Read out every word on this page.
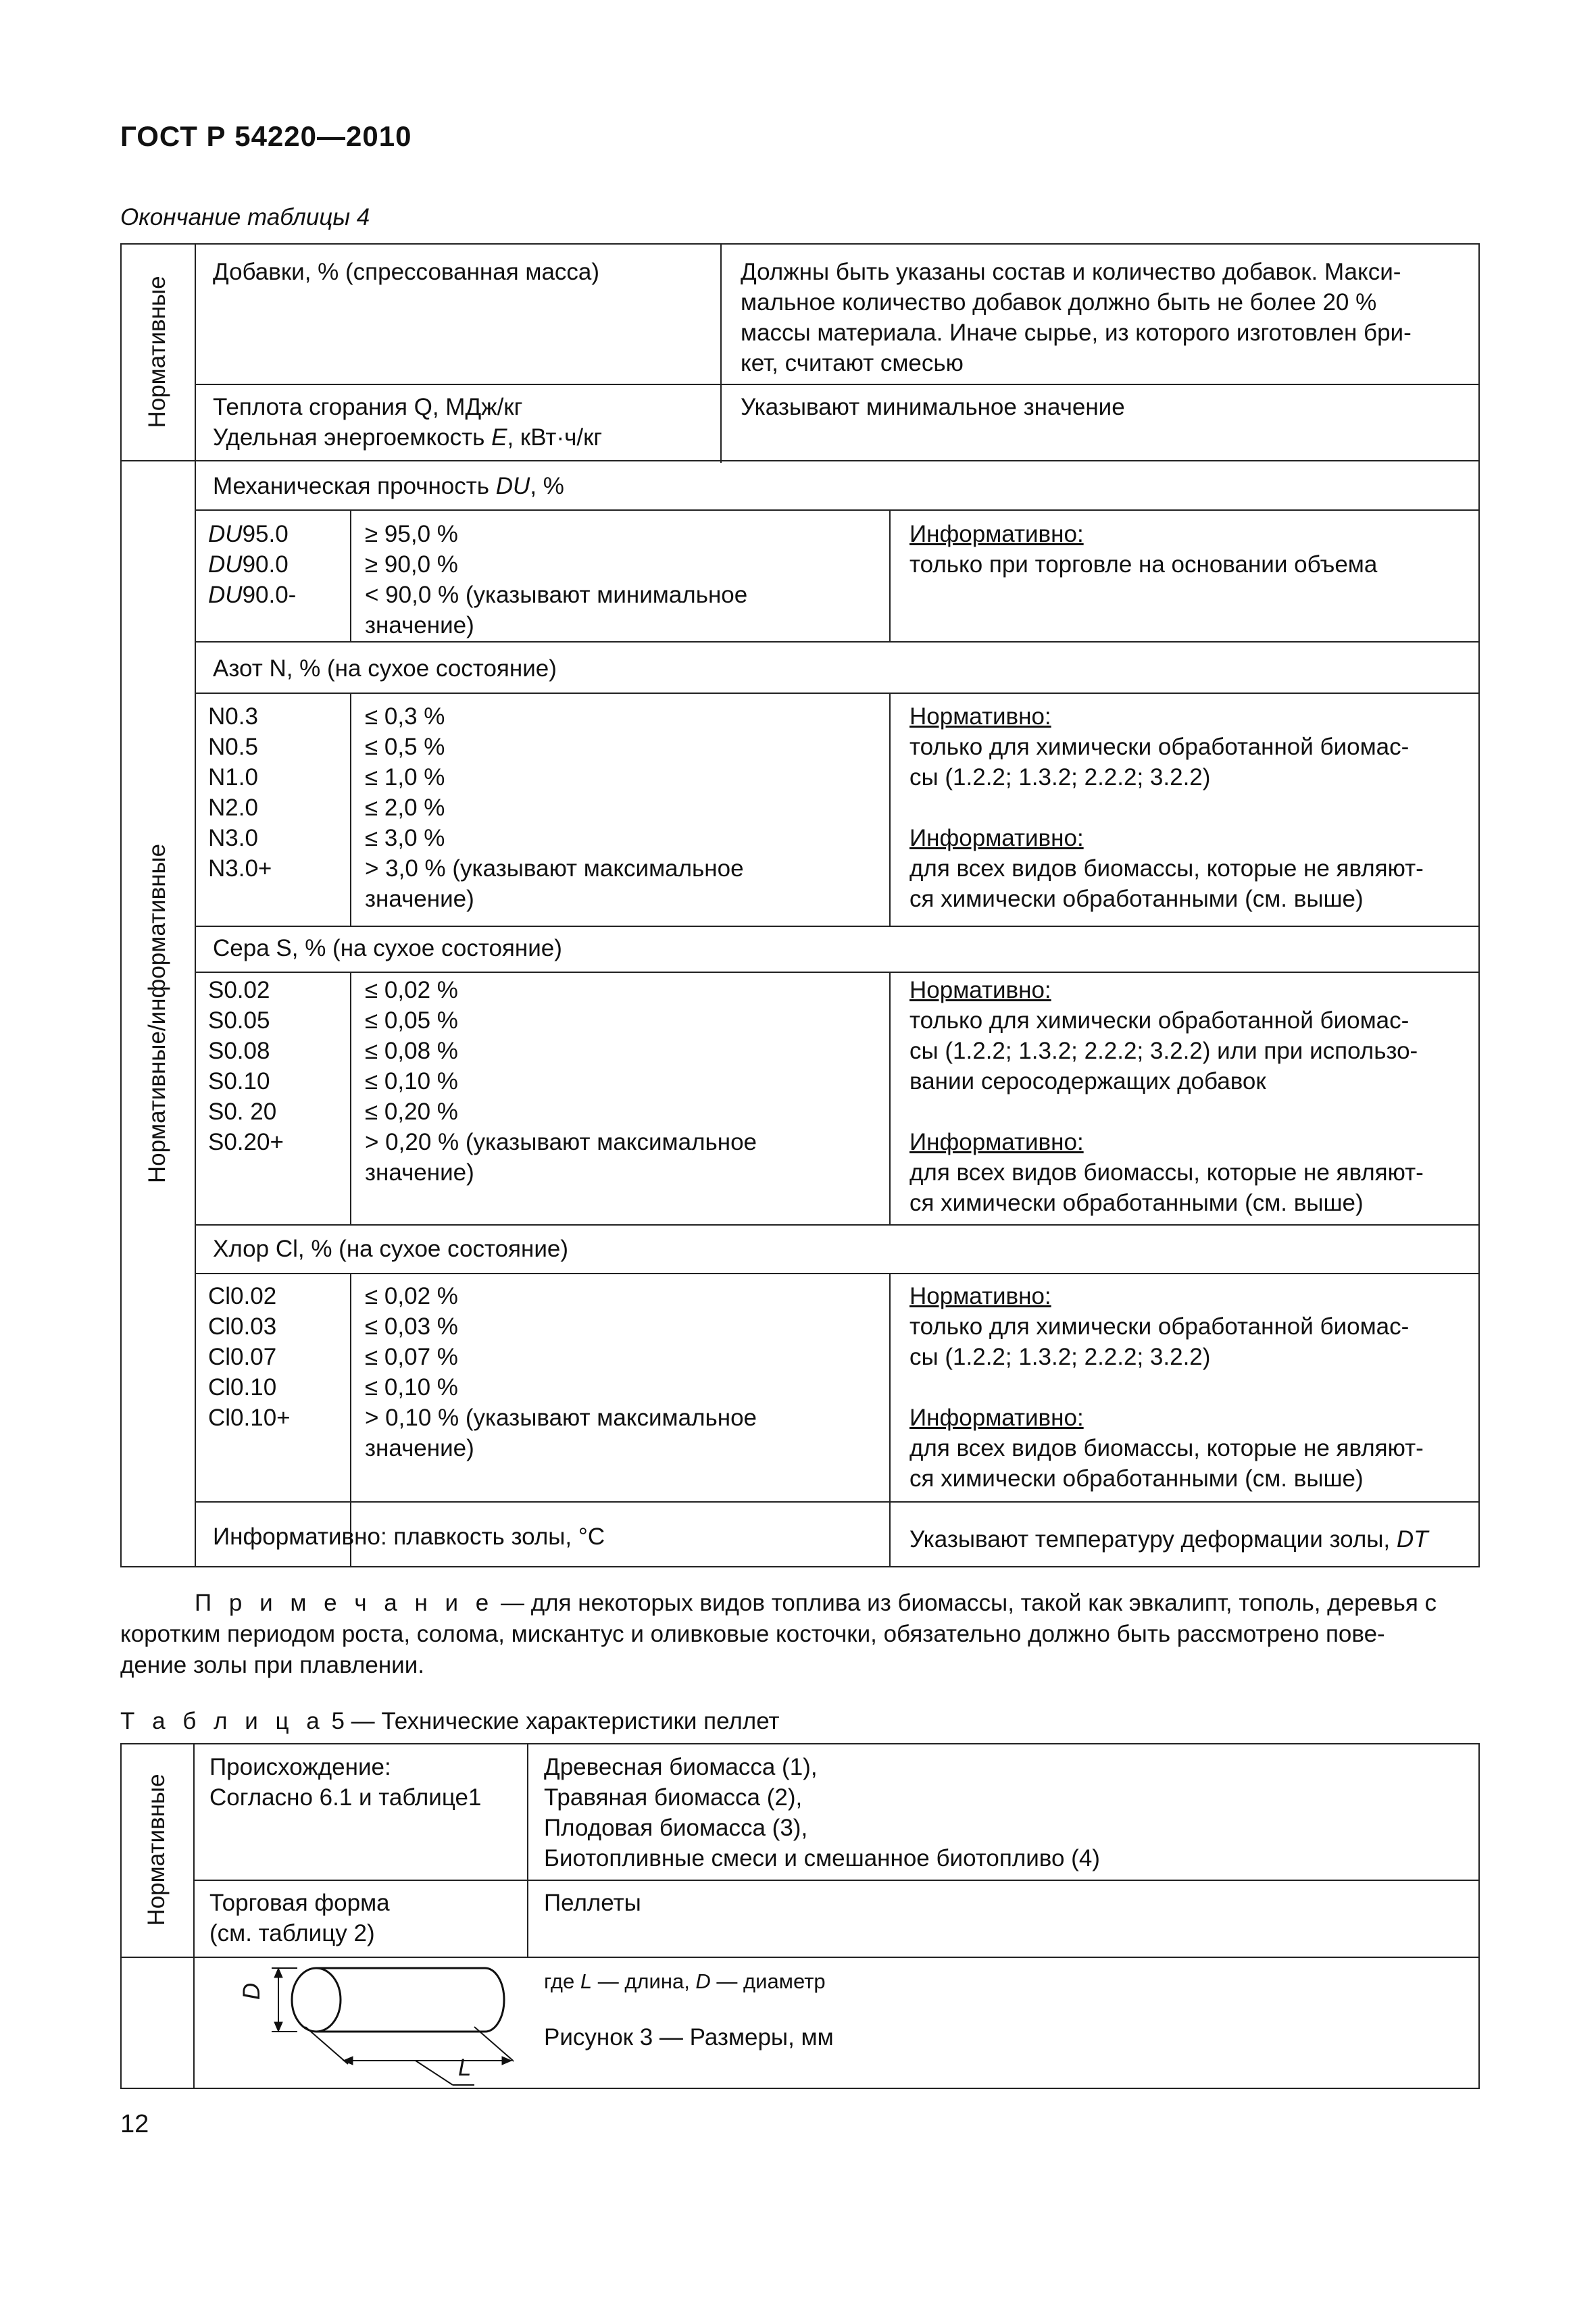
ГОСТ Р 54220—2010
Окончание таблицы 4
Нормативные
Нормативные/информативные
Добавки, % (спрессованная масса)	Должны быть указаны состав и количество добавок. Макси-
мальное количество добавок должно быть не более 20 %
массы материала. Иначе сырье, из которого изготовлен бри-
кет, считают смесью
Теплота сгорания Q, МДж/кг
Удельная энергоемкость E, кВт·ч/кг
Указывают минимальное значение
Механическая прочность DU, %
DU95.0
DU90.0
DU90.0-
≥ 95,0 %
≥ 90,0 %
< 90,0 % (указывают минимальное
значение)
Информативно:
только при торговле на основании объема
Азот N, % (на сухое состояние)
N0.3
N0.5
N1.0
N2.0
N3.0
N3.0+
≤ 0,3 %
≤ 0,5 %
≤ 1,0 %
≤ 2,0 %
≤ 3,0 %
> 3,0 % (указывают максимальное
значение)
Нормативно:
только для химически обработанной биомас-
сы (1.2.2; 1.3.2; 2.2.2; 3.2.2)
Информативно:
для всех видов биомассы, которые не являют-
ся химически обработанными (см. выше)
Сера S, % (на сухое состояние)
S0.02
S0.05
S0.08
S0.10
S0. 20
S0.20+
≤ 0,02 %
≤ 0,05 %
≤ 0,08 %
≤ 0,10 %
≤ 0,20 %
> 0,20 % (указывают максимальное
значение)
Нормативно:
только для химически обработанной биомас-
сы (1.2.2; 1.3.2; 2.2.2; 3.2.2) или при использо-
вании серосодержащих добавок
Информативно:
для всех видов биомассы, которые не являют-
ся химически обработанными (см. выше)
Хлор Cl, % (на сухое состояние)
Cl0.02
Cl0.03
Cl0.07
Cl0.10
Cl0.10+
≤ 0,02 %
≤ 0,03 %
≤ 0,07 %
≤ 0,10 %
> 0,10 % (указывают максимальное
значение)
Нормативно:
только для химически обработанной биомас-
сы (1.2.2; 1.3.2; 2.2.2; 3.2.2)
Информативно:
для всех видов биомассы, которые не являют-
ся химически обработанными (см. выше)
Информативно: плавкость золы, °С	Указывают температуру деформации золы, DT
П р и м е ч а н и е — для некоторых видов топлива из биомассы, такой как эвкалипт, тополь, деревья с
коротким периодом роста, солома, мискантус и оливковые косточки, обязательно должно быть рассмотрено пове-
дение золы при плавлении.
Т а б л и ц а 5 — Технические характеристики пеллет
Нормативные
Происхождение:
Согласно 6.1 и таблице1
Древесная биомасса (1),
Травяная биомасса (2),
Плодовая биомасса (3),
Биотопливные смеси и смешанное биотопливо (4)
Торговая форма
(см. таблицу 2)
Пеллеты
D
L
где L — длина, D — диаметр
Рисунок 3 — Размеры, мм
12
